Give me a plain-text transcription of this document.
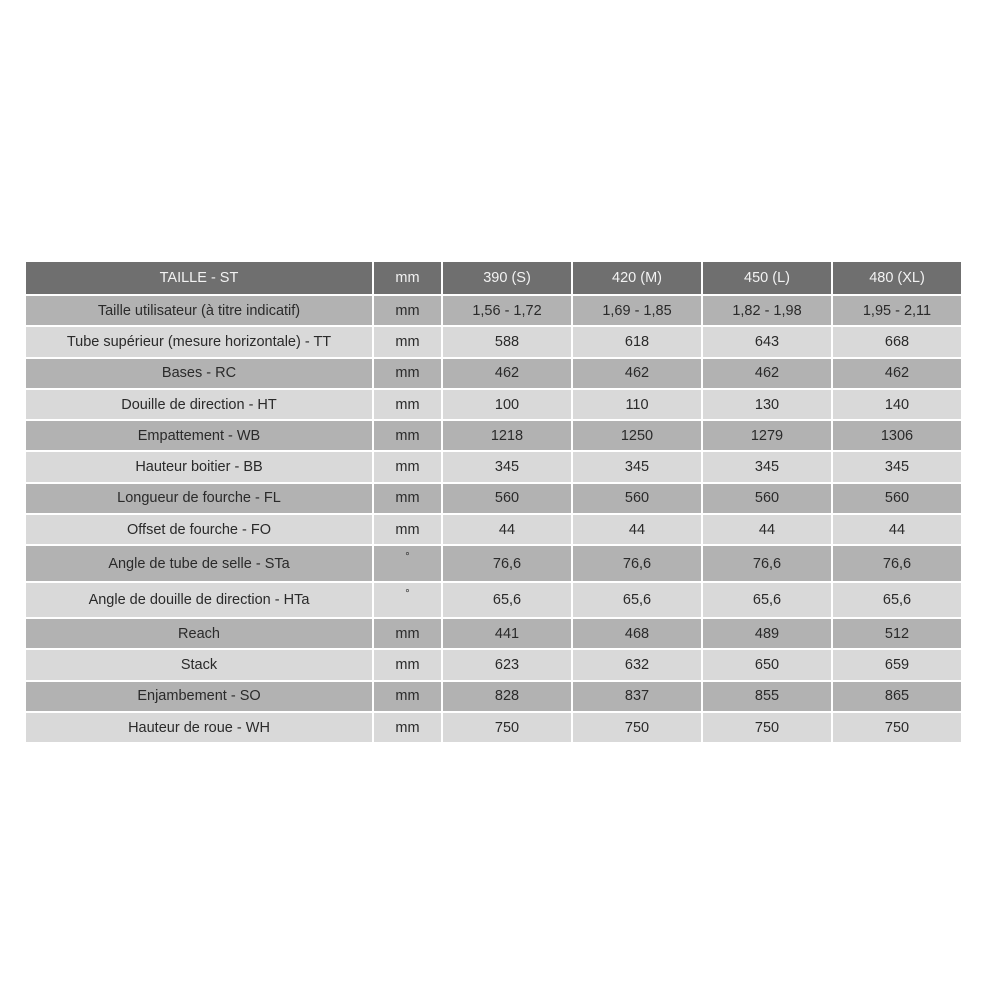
TAILLE - ST	mm	390 (S)	420 (M)	450 (L)	480 (XL)
Taille utilisateur (à titre indicatif)	mm	1,56 - 1,72	1,69 - 1,85	1,82 - 1,98	1,95 - 2,11
Tube supérieur (mesure horizontale) - TT	mm	588	618	643	668
Bases - RC	mm	462	462	462	462
Douille de direction - HT	mm	100	110	130	140
Empattement - WB	mm	1218	1250	1279	1306
Hauteur boitier - BB	mm	345	345	345	345
Longueur de fourche - FL	mm	560	560	560	560
Offset de fourche - FO	mm	44	44	44	44
Angle de tube de selle - STa	°	76,6	76,6	76,6	76,6
Angle de douille de direction - HTa	°	65,6	65,6	65,6	65,6
Reach	mm	441	468	489	512
Stack	mm	623	632	650	659
Enjambement - SO	mm	828	837	855	865
Hauteur de roue - WH	mm	750	750	750	750
